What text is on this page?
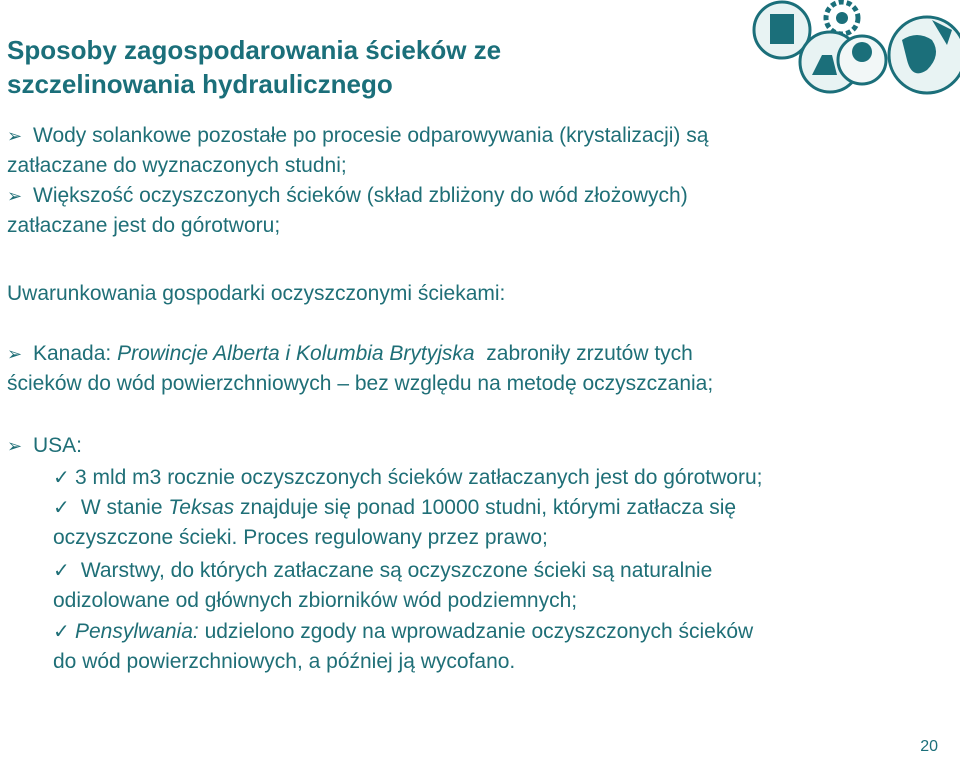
Sposoby zagospodarowania ścieków ze
szczelinowania hydraulicznego
➢ Wody solankowe pozostałe po procesie odparowywania (krystalizacji) są
zatłaczane do wyznaczonych studni;
➢ Większość oczyszczonych ścieków (skład zbliżony do wód złożowych)
zatłaczane jest do górotworu;
Uwarunkowania gospodarki oczyszczonymi ściekami:
➢ Kanada: Prowincje Alberta i Kolumbia Brytyjska  zabroniły zrzutów tych
ścieków do wód powierzchniowych – bez względu na metodę oczyszczania;
➢ USA:
✓ 3 mld m3 rocznie oczyszczonych ścieków zatłaczanych jest do górotworu;
✓ W stanie Teksas znajduje się ponad 10000 studni, którymi zatłacza się
oczyszczone ścieki. Proces regulowany przez prawo;
✓ Warstwy, do których zatłaczane są oczyszczone ścieki są naturalnie
odizolowane od głównych zbiorników wód podziemnych;
✓ Pensylwania: udzielono zgody na wprowadzanie oczyszczonych ścieków
do wód powierzchniowych, a później ją wycofano.
20
